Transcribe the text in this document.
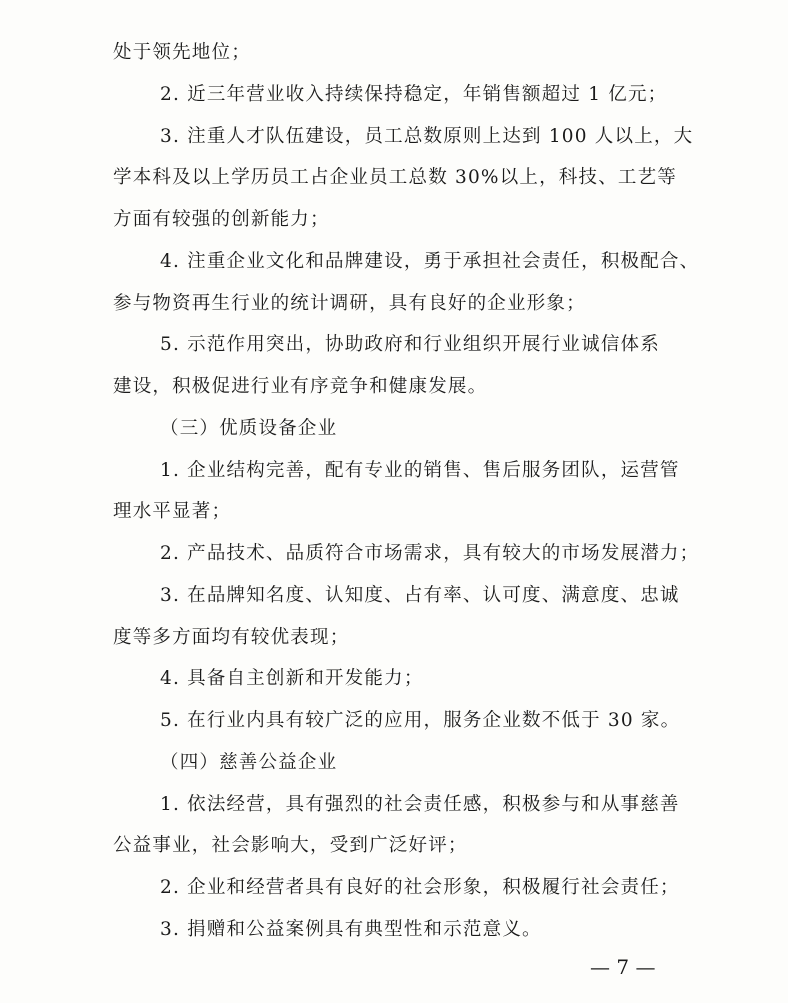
处于领先地位；
2. 近三年营业收入持续保持稳定，年销售额超过 1 亿元；
3. 注重人才队伍建设，员工总数原则上达到 100 人以上，大
学本科及以上学历员工占企业员工总数 30%以上，科技、工艺等
方面有较强的创新能力；
4. 注重企业文化和品牌建设，勇于承担社会责任，积极配合、
参与物资再生行业的统计调研，具有良好的企业形象；
5. 示范作用突出，协助政府和行业组织开展行业诚信体系
建设，积极促进行业有序竞争和健康发展。
（三）优质设备企业
1. 企业结构完善，配有专业的销售、售后服务团队，运营管
理水平显著；
2. 产品技术、品质符合市场需求，具有较大的市场发展潜力；
3. 在品牌知名度、认知度、占有率、认可度、满意度、忠诚
度等多方面均有较优表现；
4. 具备自主创新和开发能力；
5. 在行业内具有较广泛的应用，服务企业数不低于 30 家。
（四）慈善公益企业
1. 依法经营，具有强烈的社会责任感，积极参与和从事慈善
公益事业，社会影响大，受到广泛好评；
— 7 —
2. 企业和经营者具有良好的社会形象，积极履行社会责任；
3. 捐赠和公益案例具有典型性和示范意义。
